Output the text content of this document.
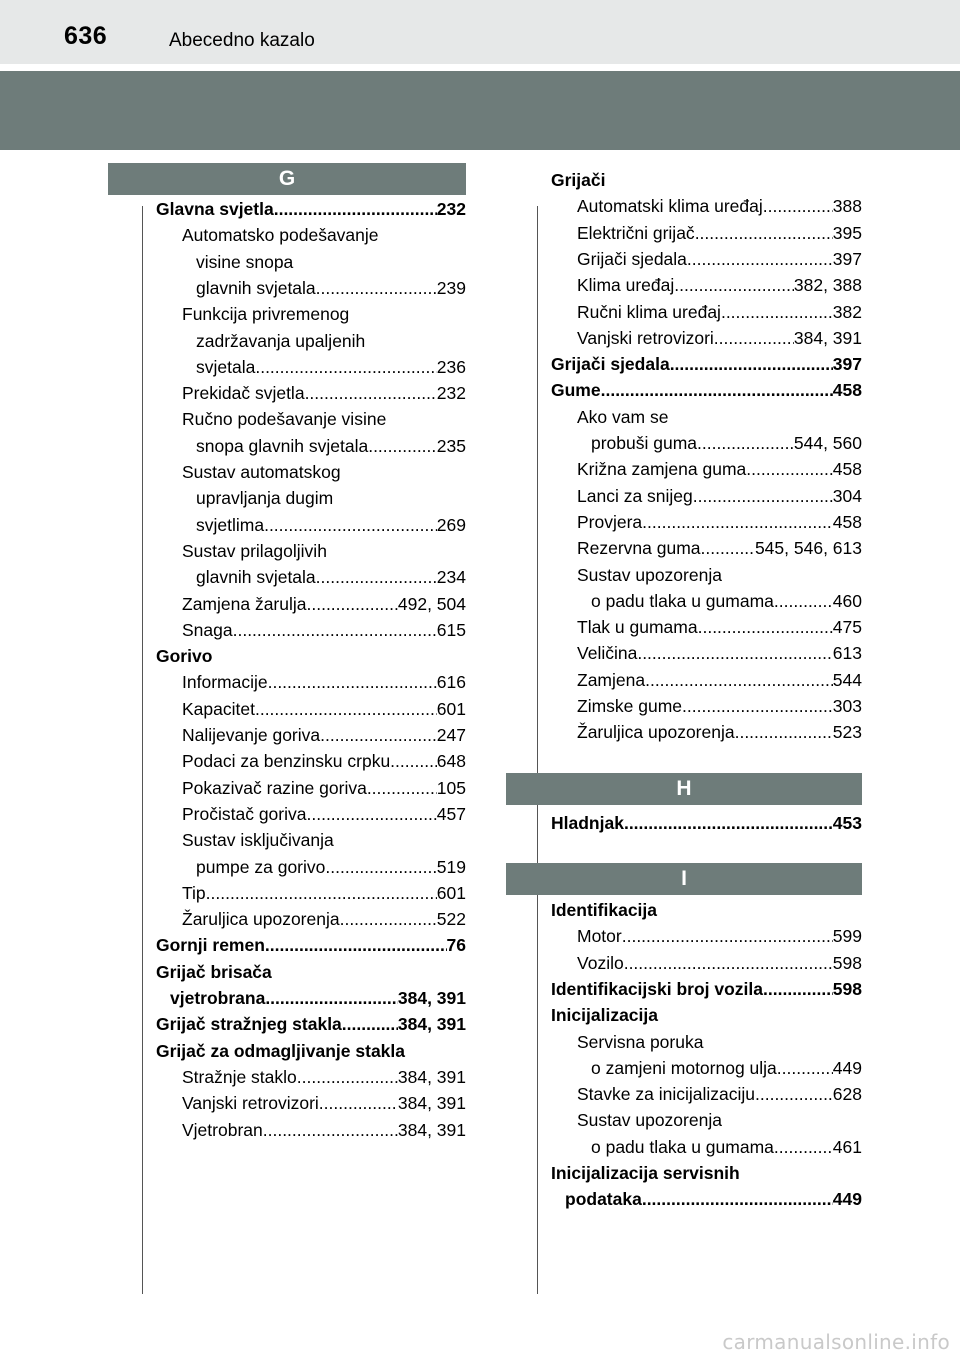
636	Abecedno kazalo
G
H
I
Glavna svjetla .....	232
Automatsko podešavanje
visine snopa
glavnih svjetala .....	239
Funkcija privremenog
zadržavanja upaljenih
svjetala .....	236
Prekidač svjetla .....	232
Ručno podešavanje visine
snopa glavnih svjetala .....	235
Sustav automatskog
upravljanja dugim
svjetlima .....	269
Sustav prilagoljivih
glavnih svjetala .....	234
Zamjena žarulja .....	492, 504
Snaga .....	615
Gorivo
Informacije .....	616
Kapacitet .....	601
Nalijevanje goriva .....	247
Podaci za benzinsku crpku .....	648
Pokazivač razine goriva .....	105
Pročistač goriva .....	457
Sustav isključivanja
pumpe za gorivo .....	519
Tip .....	601
Žaruljica upozorenja .....	522
Gornji remen .....	76
Grijač brisača
vjetrobrana .....	384, 391
Grijač stražnjeg stakla .....	384, 391
Grijač za odmagljivanje stakla
Stražnje staklo .....	384, 391
Vanjski retrovizori .....	384, 391
Vjetrobran .....	384, 391
Grijači
Automatski klima uređaj .....	388
Električni grijač .....	395
Grijači sjedala .....	397
Klima uređaj .....	382, 388
Ručni klima uređaj .....	382
Vanjski retrovizori .....	384, 391
Grijači sjedala .....	397
Gume .....	458
Ako vam se
probuši guma .....	544, 560
Križna zamjena guma .....	458
Lanci za snijeg .....	304
Provjera .....	458
Rezervna guma .....	545, 546, 613
Sustav upozorenja
o padu tlaka u gumama .....	460
Tlak u gumama .....	475
Veličina .....	613
Zamjena .....	544
Zimske gume .....	303
Žaruljica upozorenja .....	523
Hladnjak .....	453
Identifikacija
Motor .....	599
Vozilo .....	598
Identifikacijski broj vozila .....	598
Inicijalizacija
Servisna poruka
o zamjeni motornog ulja .....	449
Stavke za inicijalizaciju .....	628
Sustav upozorenja
o padu tlaka u gumama .....	461
Inicijalizacija servisnih
podataka .....	449
carmanualsonline.info
